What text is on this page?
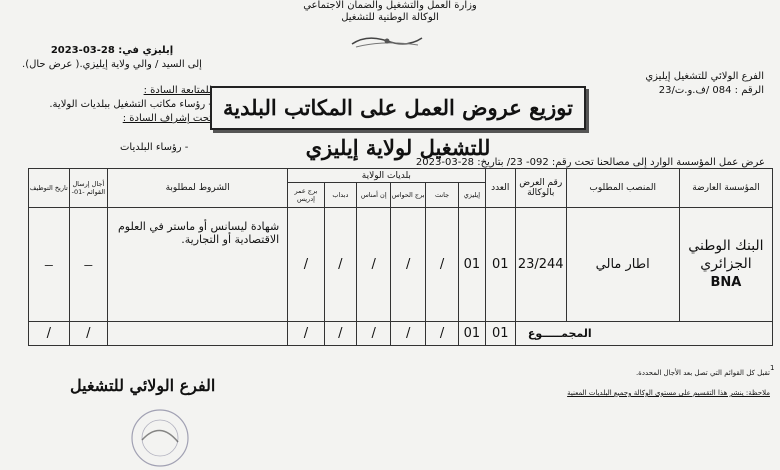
وزارة العمل والتشغيل والضمان الاجتماعي
الوكالة الوطنية للتشغيل
إيليزي في: 28-03-2023
إلى السيد / والي ولاية إيليزي.( عرض حال).
للمتابعة السادة :
- رؤساء مكاتب التشغيل ببلديات الولاية.
تحت إشراف السادة :
- رؤساء البلديات
الفرع الولائي للتشغيل إيليزي
الرقم : 084 /ف.و.ت/23
توزيع عروض العمل على المكاتب البلدية للتشغيل لولاية إيليزي
عرض عمل المؤسسة الوارد إلى مصالحنا تحت رقم: 092- 23/ بتاريخ: 28-03-2023
المؤسسة العارضة	المنصب المطلوب	رقم العرض بالوكالة	العدد	بلديات الولاية						الشروط لمطلوبة	أجال إرسال القوائم -01-	تاريخ التوظيف
				إيليزي	جانت	برج الحواس	إن أمناس	دبداب	برج عمر إدريس			

البنك الوطني
الجزائري
BNA	اطار مالي	23/244	01	01	/	/	/	/	/	شهادة ليسانس أو ماستر في العلوم الاقتصادية أو التجارية.	ـــ	ـــ
المجمـــــوع			01	01	/	/	/	/	/		/	/
1
تقبل كل القوائم التي تصل بعد الأجال المحددة.
ملاحظة: ينشر هذا التقسيم على مستوى الوكالة وجميع البلديات المعنية
الفرع الولائي للتشغيل
